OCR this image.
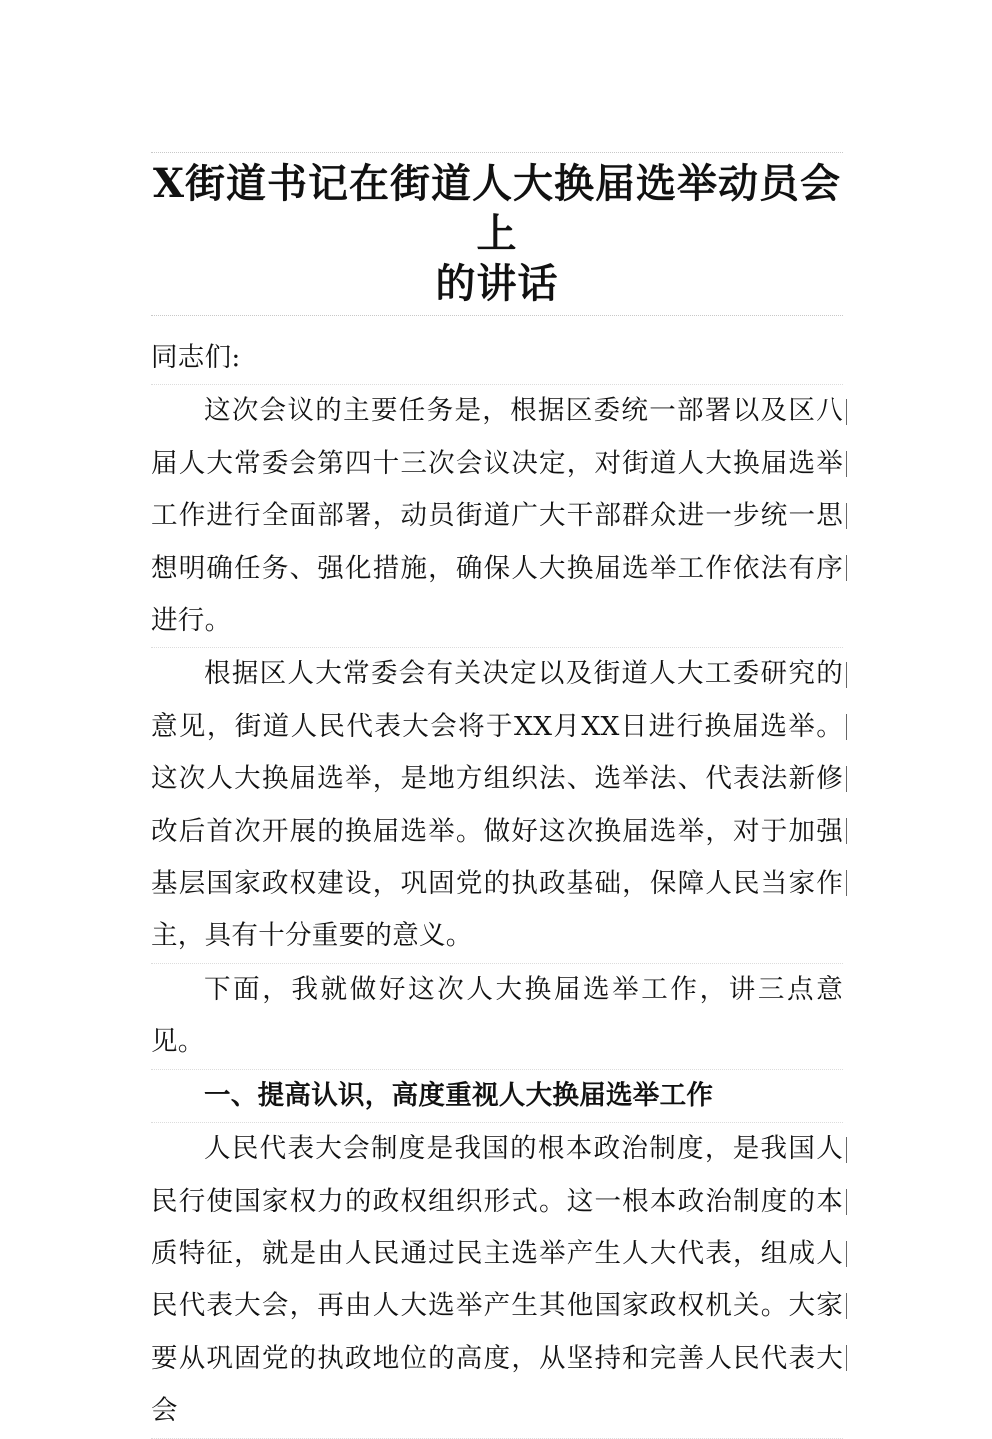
X街道书记在街道人大换届选举动员会上
的讲话

同志们:

这次会议的主要任务是，根据区委统一部署以及区八届人大常委会第四十三次会议决定，对街道人大换届选举工作进行全面部署，动员街道广大干部群众进一步统一思想明确任务、强化措施，确保人大换届选举工作依法有序进行。

根据区人大常委会有关决定以及街道人大工委研究的意见，街道人民代表大会将于XX月XX日进行换届选举。这次人大换届选举，是地方组织法、选举法、代表法新修改后首次开展的换届选举。做好这次换届选举，对于加强基层国家政权建设，巩固党的执政基础，保障人民当家作主，具有十分重要的意义。

下面，我就做好这次人大换届选举工作，讲三点意见。

一、提高认识，高度重视人大换届选举工作

人民代表大会制度是我国的根本政治制度，是我国人民行使国家权力的政权组织形式。这一根本政治制度的本质特征，就是由人民通过民主选举产生人大代表，组成人民代表大会，再由人大选举产生其他国家政权机关。大家要从巩固党的执政地位的高度，从坚持和完善人民代表大会
